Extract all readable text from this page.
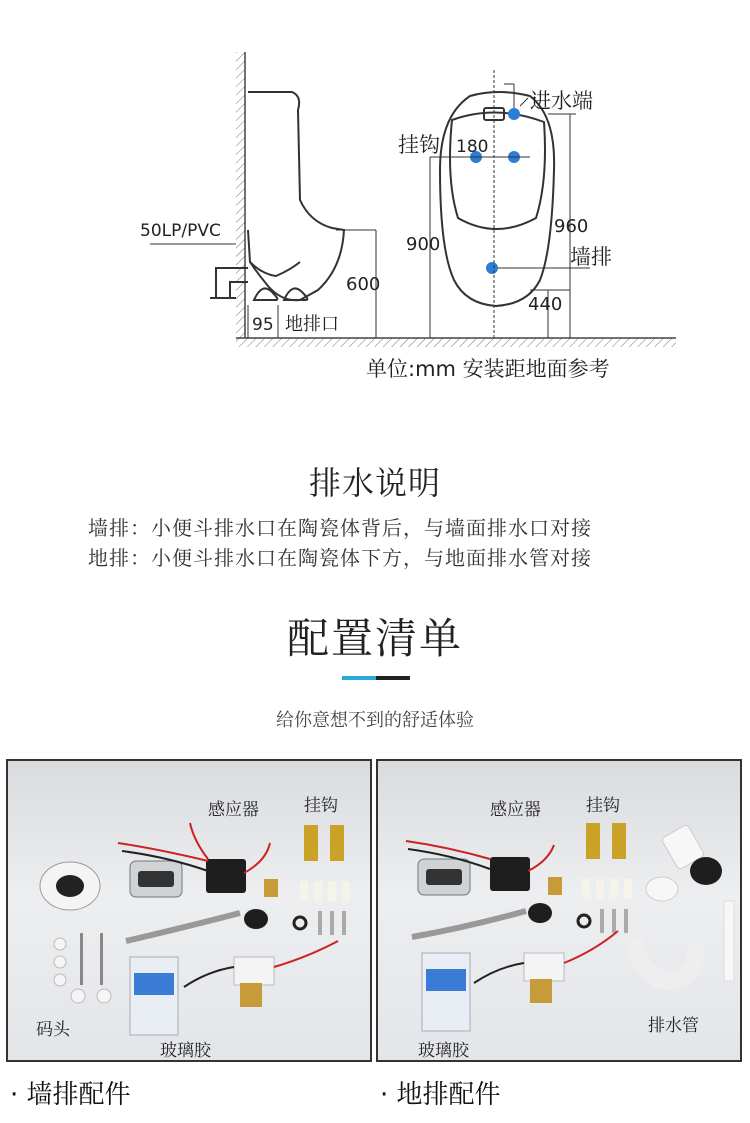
50LP/PVC
600
95 地排口
进水端
挂钩 180
900
960
墙排
440
单位:mm 安装距地面参考
排水说明
墙排：小便斗排水口在陶瓷体背后，与墙面排水口对接
地排：小便斗排水口在陶瓷体下方，与地面排水管对接
配置清单
给你意想不到的舒适体验
感应器	挂钩
码头
玻璃胶
感应器	挂钩
排水管
玻璃胶
· 墙排配件	· 地排配件
